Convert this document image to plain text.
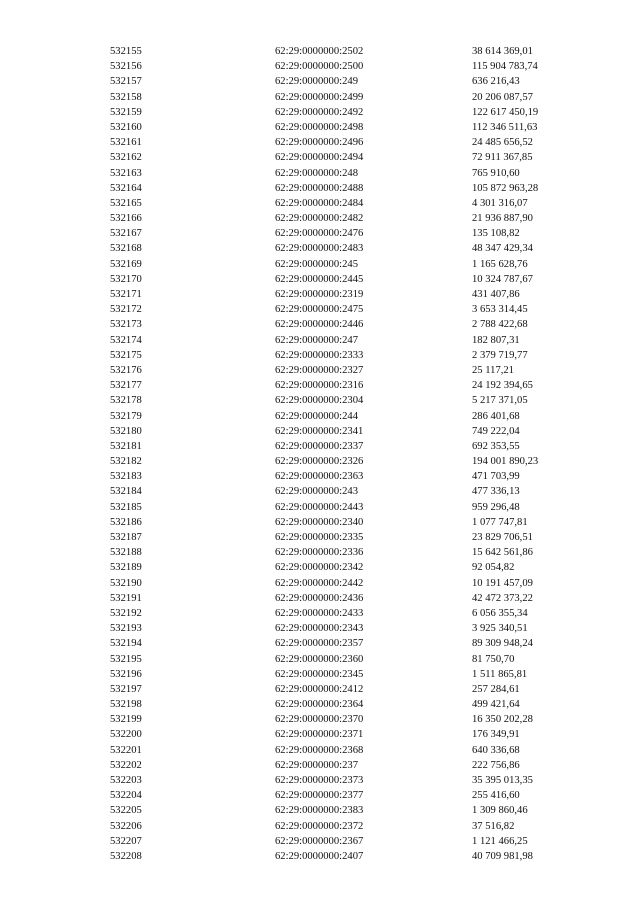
532155	62:29:0000000:2502	38 614 369,01
532156	62:29:0000000:2500	115 904 783,74
532157	62:29:0000000:249	636 216,43
532158	62:29:0000000:2499	20 206 087,57
532159	62:29:0000000:2492	122 617 450,19
532160	62:29:0000000:2498	112 346 511,63
532161	62:29:0000000:2496	24 485 656,52
532162	62:29:0000000:2494	72 911 367,85
532163	62:29:0000000:248	765 910,60
532164	62:29:0000000:2488	105 872 963,28
532165	62:29:0000000:2484	4 301 316,07
532166	62:29:0000000:2482	21 936 887,90
532167	62:29:0000000:2476	135 108,82
532168	62:29:0000000:2483	48 347 429,34
532169	62:29:0000000:245	1 165 628,76
532170	62:29:0000000:2445	10 324 787,67
532171	62:29:0000000:2319	431 407,86
532172	62:29:0000000:2475	3 653 314,45
532173	62:29:0000000:2446	2 788 422,68
532174	62:29:0000000:247	182 807,31
532175	62:29:0000000:2333	2 379 719,77
532176	62:29:0000000:2327	25 117,21
532177	62:29:0000000:2316	24 192 394,65
532178	62:29:0000000:2304	5 217 371,05
532179	62:29:0000000:244	286 401,68
532180	62:29:0000000:2341	749 222,04
532181	62:29:0000000:2337	692 353,55
532182	62:29:0000000:2326	194 001 890,23
532183	62:29:0000000:2363	471 703,99
532184	62:29:0000000:243	477 336,13
532185	62:29:0000000:2443	959 296,48
532186	62:29:0000000:2340	1 077 747,81
532187	62:29:0000000:2335	23 829 706,51
532188	62:29:0000000:2336	15 642 561,86
532189	62:29:0000000:2342	92 054,82
532190	62:29:0000000:2442	10 191 457,09
532191	62:29:0000000:2436	42 472 373,22
532192	62:29:0000000:2433	6 056 355,34
532193	62:29:0000000:2343	3 925 340,51
532194	62:29:0000000:2357	89 309 948,24
532195	62:29:0000000:2360	81 750,70
532196	62:29:0000000:2345	1 511 865,81
532197	62:29:0000000:2412	257 284,61
532198	62:29:0000000:2364	499 421,64
532199	62:29:0000000:2370	16 350 202,28
532200	62:29:0000000:2371	176 349,91
532201	62:29:0000000:2368	640 336,68
532202	62:29:0000000:237	222 756,86
532203	62:29:0000000:2373	35 395 013,35
532204	62:29:0000000:2377	255 416,60
532205	62:29:0000000:2383	1 309 860,46
532206	62:29:0000000:2372	37 516,82
532207	62:29:0000000:2367	1 121 466,25
532208	62:29:0000000:2407	40 709 981,98
